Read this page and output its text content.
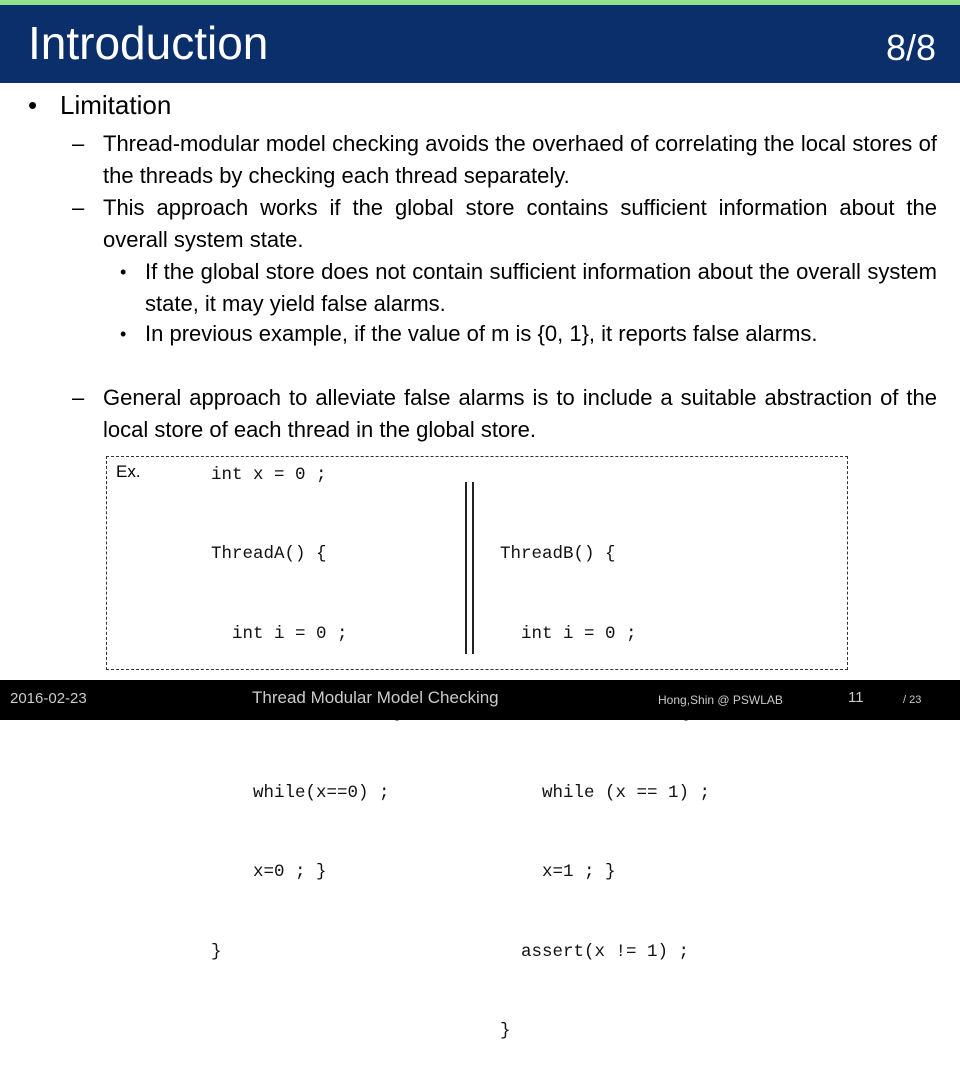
Introduction	8/8
• Limitation
– Thread-modular model checking avoids the overhaed of correlating the local stores of the threads by checking each thread separately.
– This approach works if the global store contains sufficient information about the overall system state.
• If the global store does not contain sufficient information about the overall system state, it may yield false alarms.
• In previous example, if the value of m is {0, 1}, it reports false alarms.
– General approach to alleviate false alarms is to include a suitable abstraction of the local store of each thread in the global store.
Ex.	int x = 0 ;

ThreadA() {

int i = 0 ;

while(x==0) ;

x=0 ; }

}

ThreadB() {

int i = 0 ;

while (x == 1) ;

x=1 ; }

assert(x != 1) ;

}

2016-02-23	Thread Modular Model Checking	Hong,Shin @ PSWLAB	11	/ 23
